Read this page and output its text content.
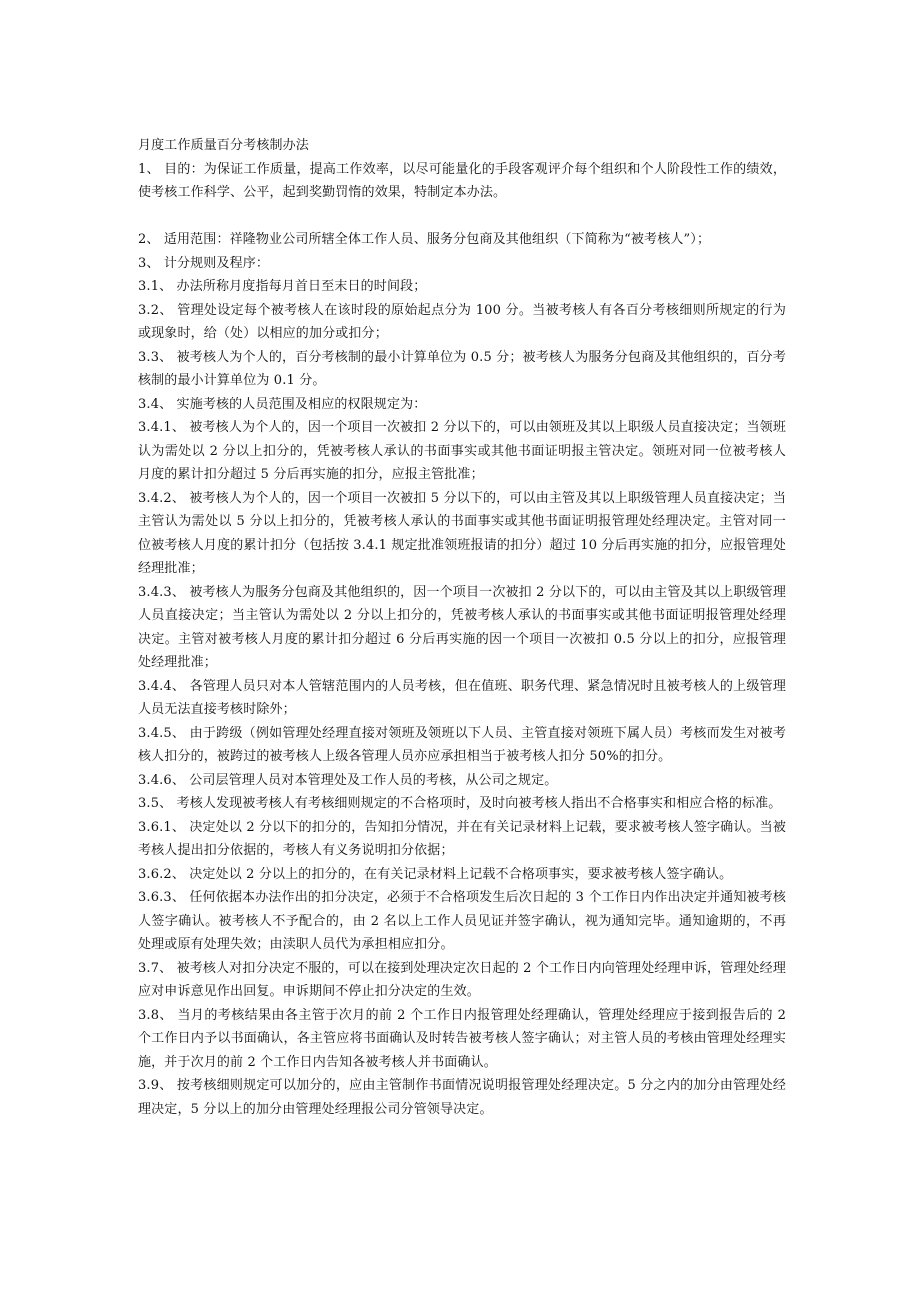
月度工作质量百分考核制办法

1、 目的：为保证工作质量，提高工作效率，以尽可能量化的手段客观评介每个组织和个人阶段性工作的绩效，使考核工作科学、公平，起到奖勤罚惰的效果，特制定本办法。

2、 适用范围：祥隆物业公司所辖全体工作人员、服务分包商及其他组织（下简称为“被考核人”）；

3、 计分规则及程序：

3.1、 办法所称月度指每月首日至末日的时间段；

3.2、 管理处设定每个被考核人在该时段的原始起点分为 100 分。当被考核人有各百分考核细则所规定的行为或现象时，给（处）以相应的加分或扣分；

3.3、 被考核人为个人的，百分考核制的最小计算单位为 0.5 分；被考核人为服务分包商及其他组织的，百分考核制的最小计算单位为 0.1 分。

3.4、 实施考核的人员范围及相应的权限规定为：

3.4.1、 被考核人为个人的，因一个项目一次被扣 2 分以下的，可以由领班及其以上职级人员直接决定；当领班认为需处以 2 分以上扣分的，凭被考核人承认的书面事实或其他书面证明报主管决定。领班对同一位被考核人月度的累计扣分超过 5 分后再实施的扣分，应报主管批准；

3.4.2、 被考核人为个人的，因一个项目一次被扣 5 分以下的，可以由主管及其以上职级管理人员直接决定；当主管认为需处以 5 分以上扣分的，凭被考核人承认的书面事实或其他书面证明报管理处经理决定。主管对同一位被考核人月度的累计扣分（包括按 3.4.1 规定批准领班报请的扣分）超过 10 分后再实施的扣分，应报管理处经理批准；

3.4.3、 被考核人为服务分包商及其他组织的，因一个项目一次被扣 2 分以下的，可以由主管及其以上职级管理人员直接决定；当主管认为需处以 2 分以上扣分的，凭被考核人承认的书面事实或其他书面证明报管理处经理决定。主管对被考核人月度的累计扣分超过 6 分后再实施的因一个项目一次被扣 0.5 分以上的扣分，应报管理处经理批准；

3.4.4、 各管理人员只对本人管辖范围内的人员考核，但在值班、职务代理、紧急情况时且被考核人的上级管理人员无法直接考核时除外；

3.4.5、 由于跨级（例如管理处经理直接对领班及领班以下人员、主管直接对领班下属人员）考核而发生对被考核人扣分的，被跨过的被考核人上级各管理人员亦应承担相当于被考核人扣分 50%的扣分。

3.4.6、 公司层管理人员对本管理处及工作人员的考核，从公司之规定。

3.5、 考核人发现被考核人有考核细则规定的不合格项时，及时向被考核人指出不合格事实和相应合格的标准。

3.6.1、 决定处以 2 分以下的扣分的，告知扣分情况，并在有关记录材料上记载，要求被考核人签字确认。当被考核人提出扣分依据的，考核人有义务说明扣分依据；

3.6.2、 决定处以 2 分以上的扣分的，在有关记录材料上记载不合格项事实，要求被考核人签字确认。

3.6.3、 任何依据本办法作出的扣分决定，必须于不合格项发生后次日起的 3 个工作日内作出决定并通知被考核人签字确认。被考核人不予配合的，由 2 名以上工作人员见证并签字确认，视为通知完毕。通知逾期的，不再处理或原有处理失效；由渎职人员代为承担相应扣分。

3.7、 被考核人对扣分决定不服的，可以在接到处理决定次日起的 2 个工作日内向管理处经理申诉，管理处经理应对申诉意见作出回复。申诉期间不停止扣分决定的生效。

3.8、 当月的考核结果由各主管于次月的前 2 个工作日内报管理处经理确认，管理处经理应于接到报告后的 2 个工作日内予以书面确认，各主管应将书面确认及时转告被考核人签字确认；对主管人员的考核由管理处经理实施，并于次月的前 2 个工作日内告知各被考核人并书面确认。

3.9、 按考核细则规定可以加分的，应由主管制作书面情况说明报管理处经理决定。5 分之内的加分由管理处经理决定，5 分以上的加分由管理处经理报公司分管领导决定。
